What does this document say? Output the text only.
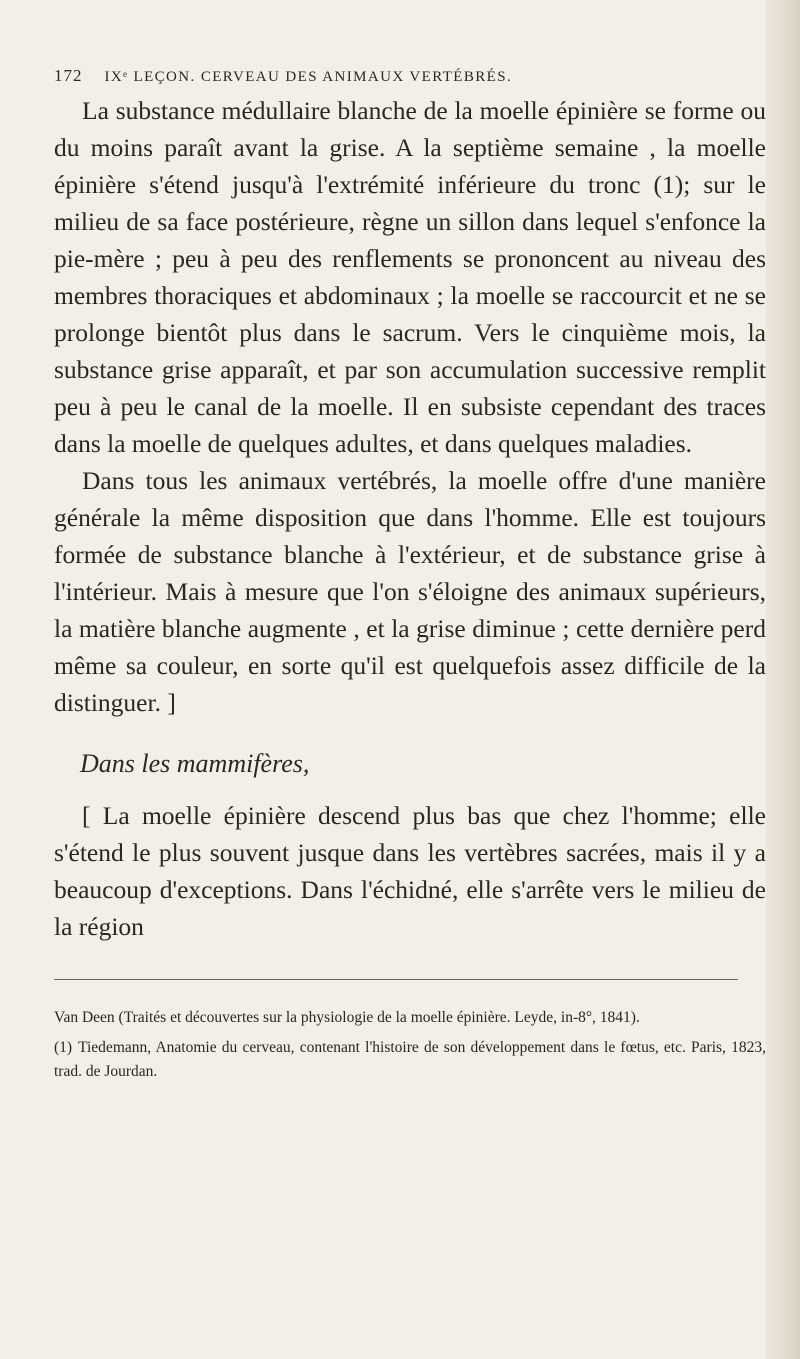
172 IXᵉ LEÇON. CERVEAU DES ANIMAUX VERTÉBRÉS.

La substance médullaire blanche de la moelle épinière se forme ou du moins paraît avant la grise. A la septième semaine , la moelle épinière s'étend jusqu'à l'extrémité inférieure du tronc (1); sur le milieu de sa face postérieure, règne un sillon dans lequel s'enfonce la pie-mère ; peu à peu des renflements se prononcent au niveau des membres thoraciques et abdominaux ; la moelle se raccourcit et ne se prolonge bientôt plus dans le sacrum. Vers le cinquième mois, la substance grise apparaît, et par son accumulation successive remplit peu à peu le canal de la moelle. Il en subsiste cependant des traces dans la moelle de quelques adultes, et dans quelques maladies.

Dans tous les animaux vertébrés, la moelle offre d'une manière générale la même disposition que dans l'homme. Elle est toujours formée de substance blanche à l'extérieur, et de substance grise à l'intérieur. Mais à mesure que l'on s'éloigne des animaux supérieurs, la matière blanche augmente , et la grise diminue ; cette dernière perd même sa couleur, en sorte qu'il est quelquefois assez difficile de la distinguer. ]

Dans les mammifères,

[ La moelle épinière descend plus bas que chez l'homme; elle s'étend le plus souvent jusque dans les vertèbres sacrées, mais il y a beaucoup d'exceptions. Dans l'échidné, elle s'arrête vers le milieu de la région

Van Deen (Traités et découvertes sur la physiologie de la moelle épinière. Leyde, in-8°, 1841).

(1) Tiedemann, Anatomie du cerveau, contenant l'histoire de son développement dans le fœtus, etc. Paris, 1823, trad. de Jourdan.
